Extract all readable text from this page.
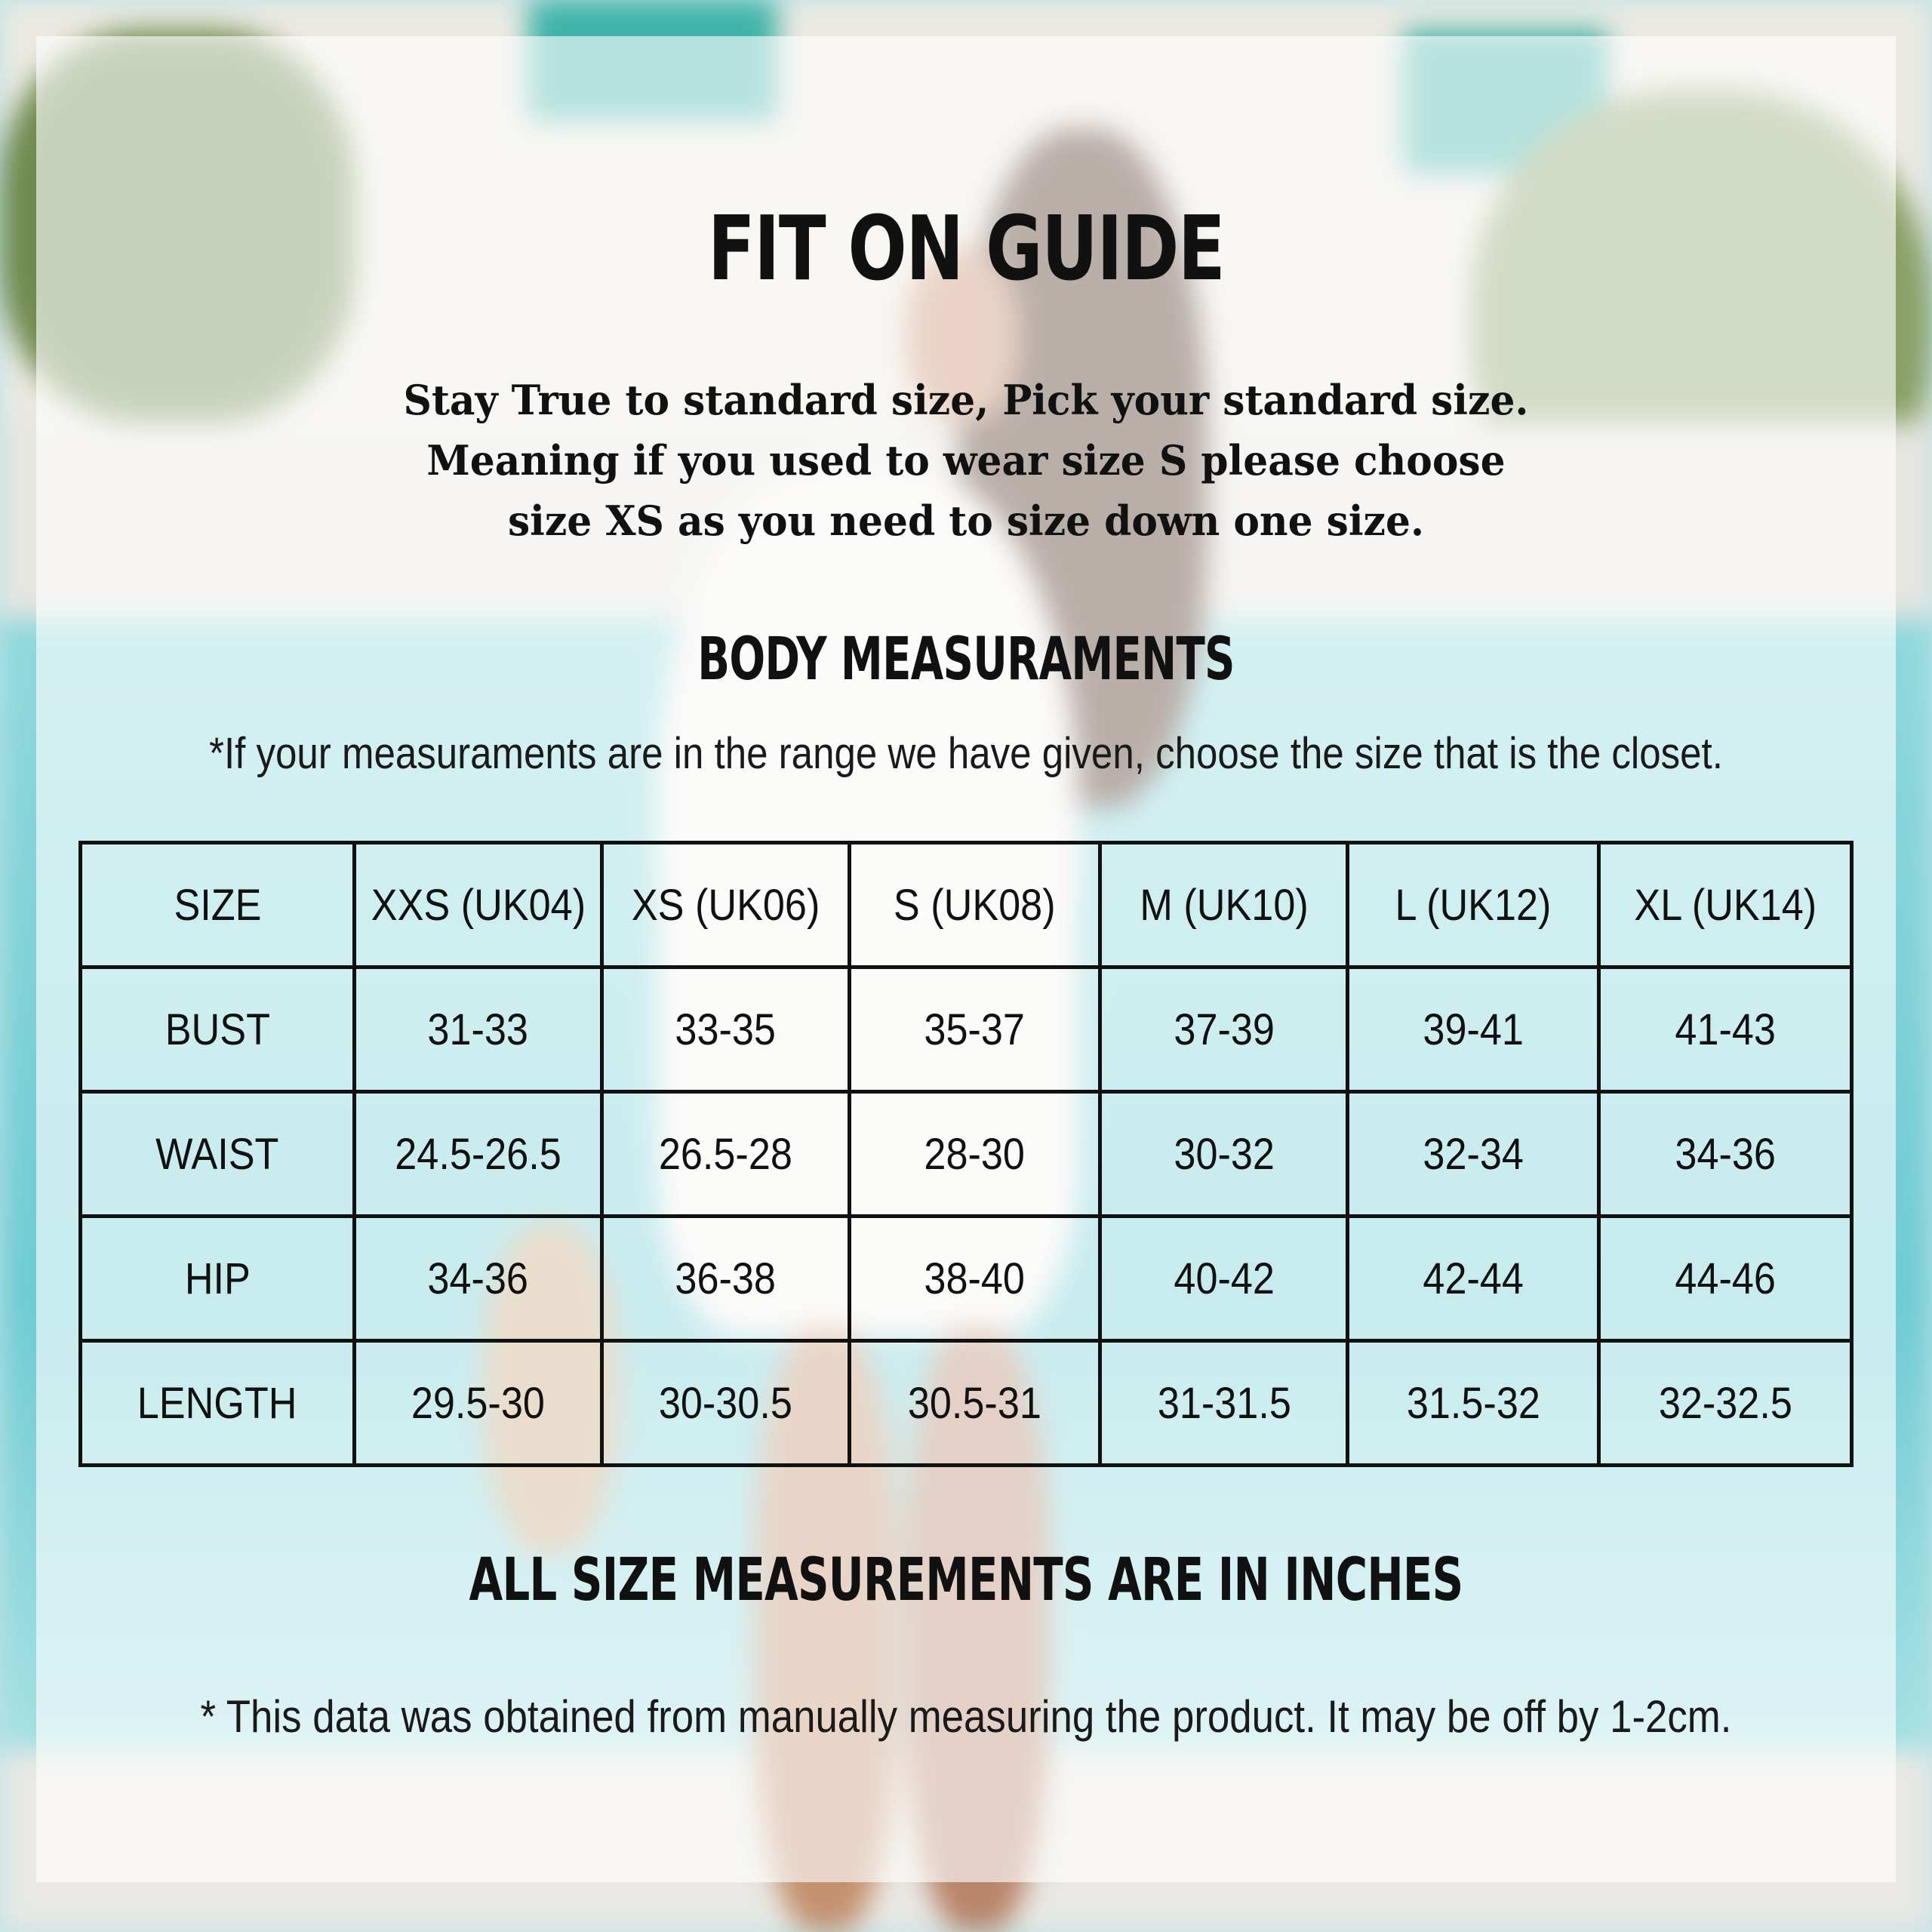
FIT ON GUIDE
Stay True to standard size, Pick your standard size.
Meaning if you used to wear size S please choose
size XS as you need to size down one size.
BODY MEASURAMENTS
*If your measuraments are in the range we have given, choose the size that is the closet.
SIZE	XXS (UK04)	XS (UK06)	S (UK08)	M (UK10)	L (UK12)	XL (UK14)
BUST	31-33	33-35	35-37	37-39	39-41	41-43
WAIST	24.5-26.5	26.5-28	28-30	30-32	32-34	34-36
HIP	34-36	36-38	38-40	40-42	42-44	44-46
LENGTH	29.5-30	30-30.5	30.5-31	31-31.5	31.5-32	32-32.5
ALL SIZE MEASUREMENTS ARE IN INCHES
* This data was obtained from manually measuring the product. It may be off by 1-2cm.
